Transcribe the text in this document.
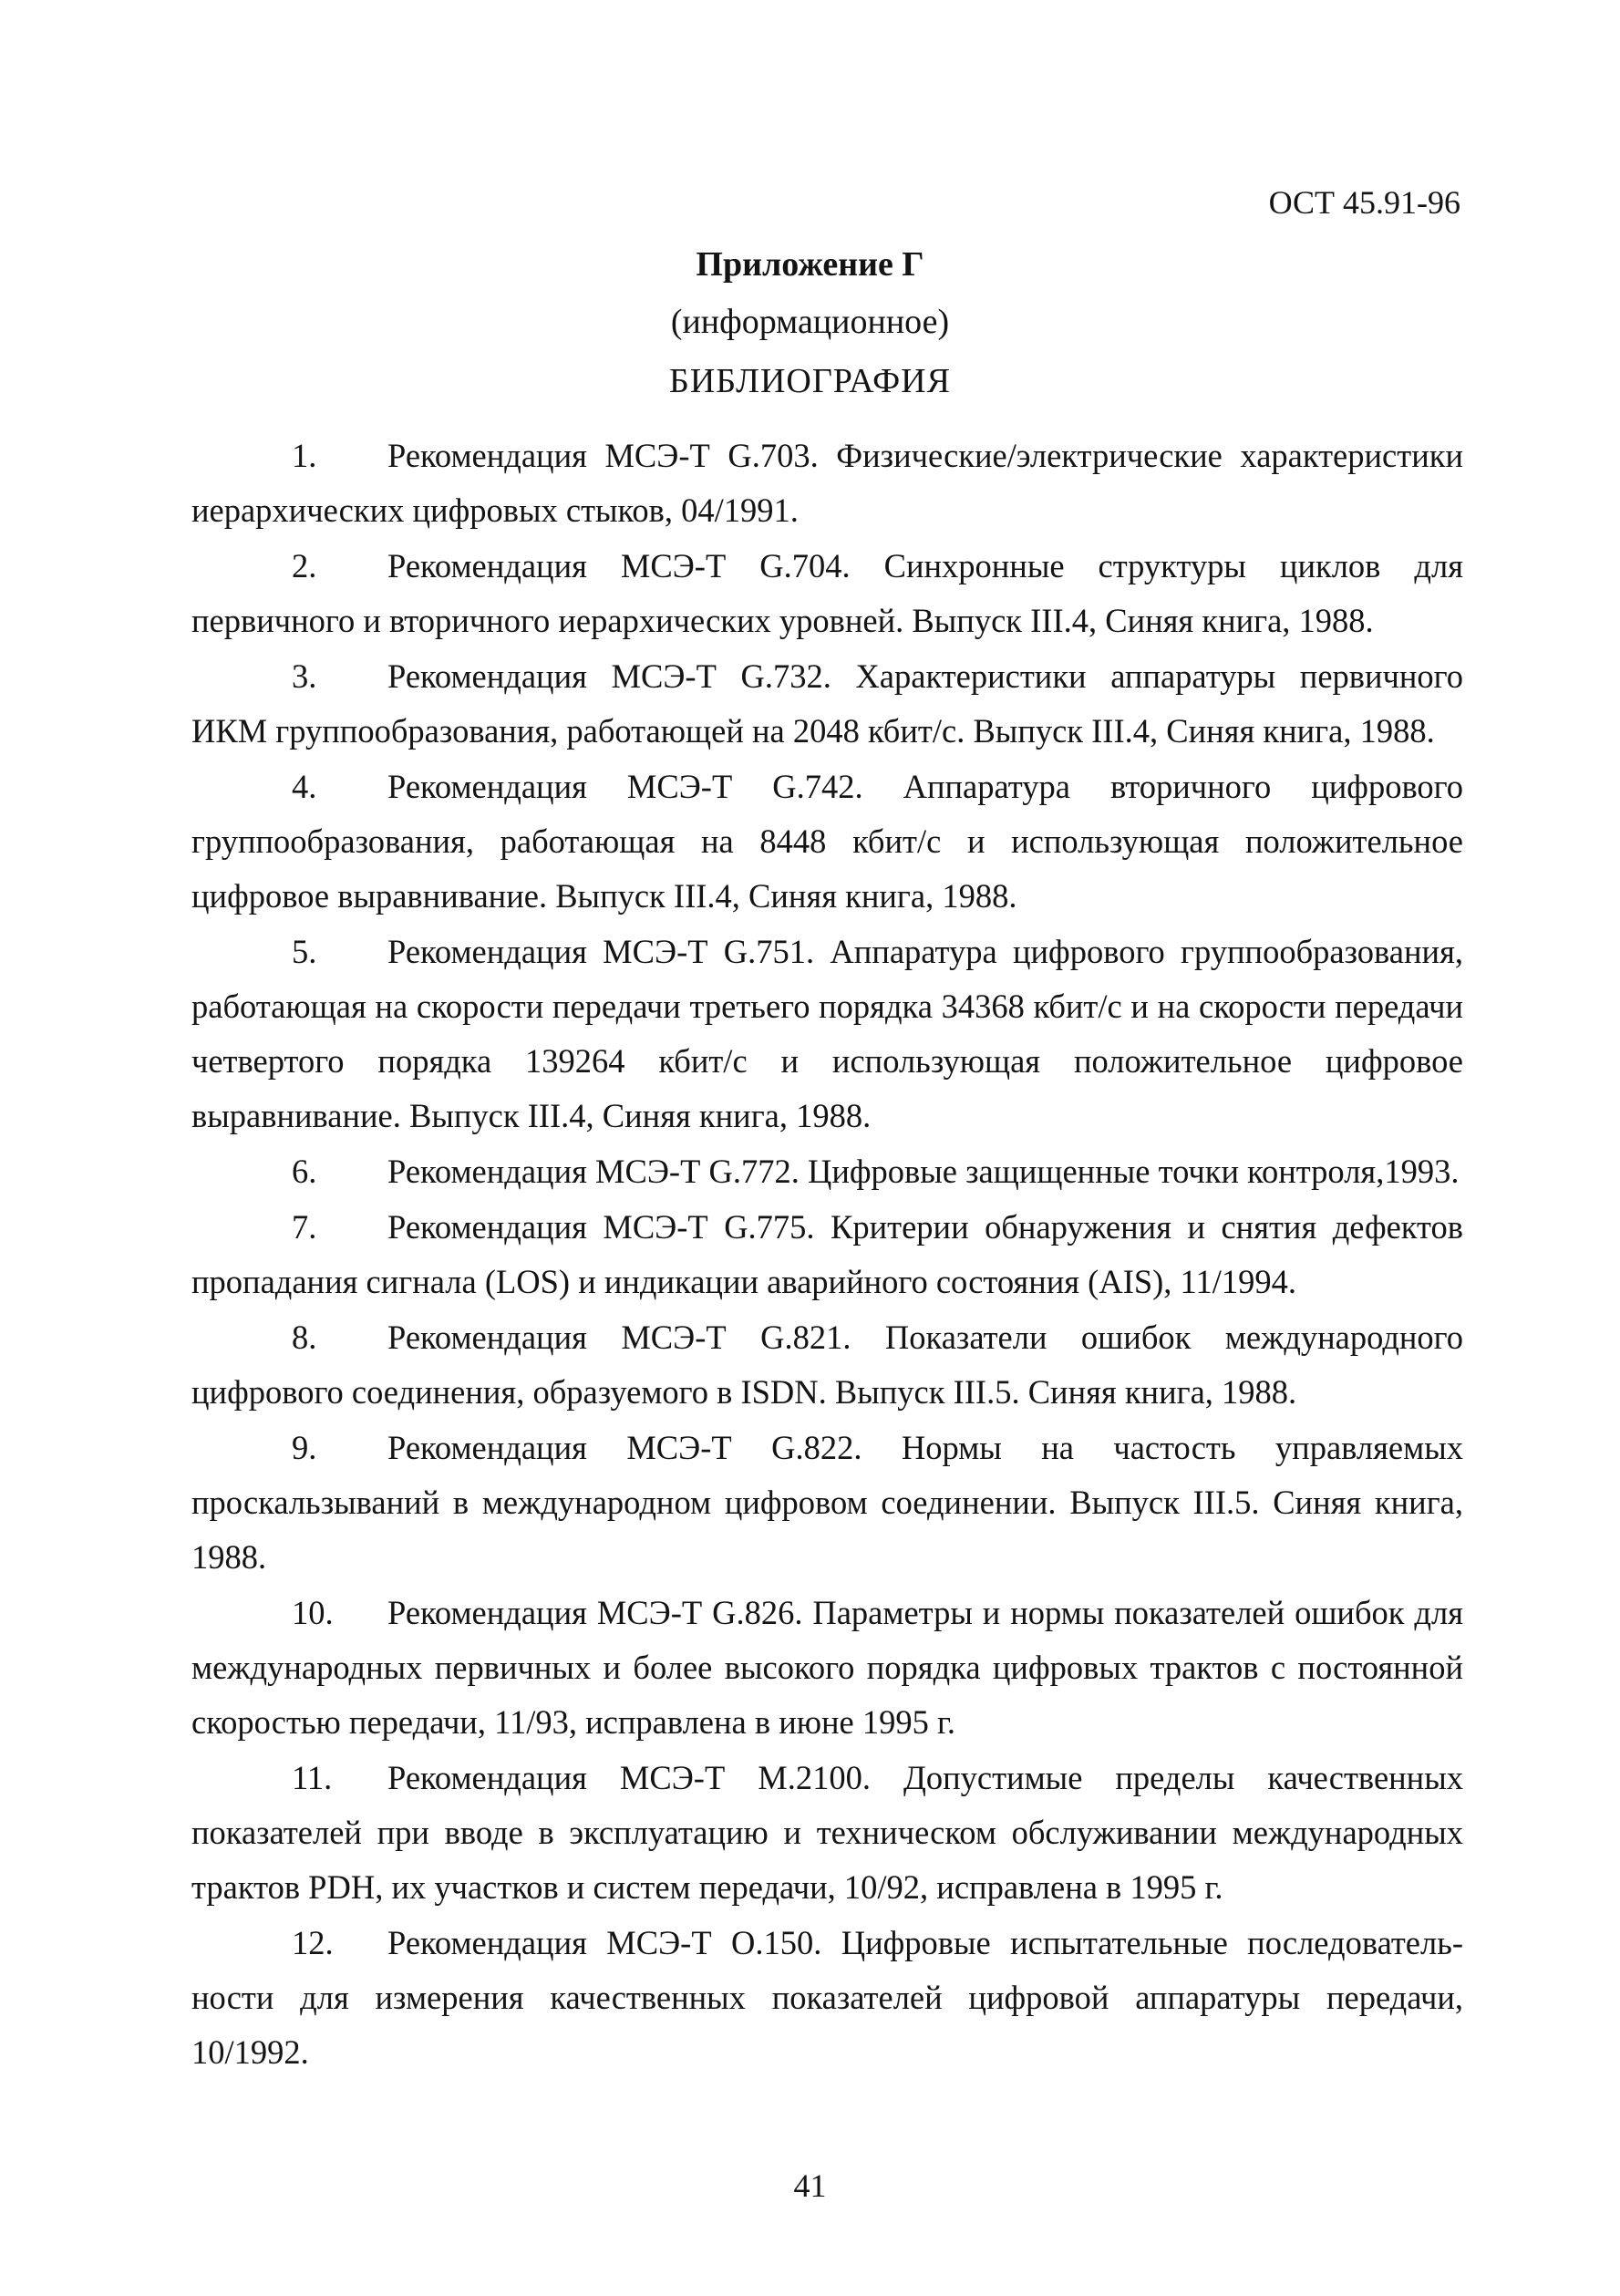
ОСТ 45.91-96
Приложение Г
(информационное)
БИБЛИОГРАФИЯ

1. Рекомендация МСЭ-Т G.703. Физические/электрические характеристики иерархических цифровых стыков, 04/1991.

2. Рекомендация МСЭ-Т G.704. Синхронные структуры циклов для первичного и вторичного иерархических уровней. Выпуск III.4, Синяя книга, 1988.

3. Рекомендация МСЭ-Т G.732. Характеристики аппаратуры первичного ИКМ группообразования, работающей на 2048 кбит/с. Выпуск III.4, Синяя книга, 1988.

4. Рекомендация МСЭ-Т G.742. Аппаратура вторичного цифрового группообразования, работающая на 8448 кбит/с и использующая положительное цифровое выравнивание. Выпуск III.4, Синяя книга, 1988.

5. Рекомендация МСЭ-Т G.751. Аппаратура цифрового группообразования, работающая на скорости передачи третьего порядка 34368 кбит/с и на скорости передачи четвертого порядка 139264 кбит/с и использующая положительное цифровое выравнивание. Выпуск III.4, Синяя книга, 1988.

6. Рекомендация МСЭ-Т G.772. Цифровые защищенные точки контроля,1993.

7. Рекомендация МСЭ-Т G.775. Критерии обнаружения и снятия дефектов пропадания сигнала (LOS) и индикации аварийного состояния (AIS), 11/1994.

8. Рекомендация МСЭ-Т G.821. Показатели ошибок международного цифрового соединения, образуемого в ISDN. Выпуск III.5. Синяя книга, 1988.

9. Рекомендация МСЭ-Т G.822. Нормы на частость управляемых проскальзываний в международном цифровом соединении. Выпуск III.5. Синяя книга, 1988.

10. Рекомендация МСЭ-Т G.826. Параметры и нормы показателей ошибок для международных первичных и более высокого порядка цифровых трактов с постоянной скоростью передачи, 11/93, исправлена в июне 1995 г.

11. Рекомендация МСЭ-Т М.2100. Допустимые пределы качественных показателей при вводе в эксплуатацию и техническом обслуживании международных трактов PDH, их участков и систем передачи, 10/92, исправлена в 1995 г.

12. Рекомендация МСЭ-Т О.150. Цифровые испытательные последователь-ности для измерения качественных показателей цифровой аппаратуры передачи, 10/1992.

41
